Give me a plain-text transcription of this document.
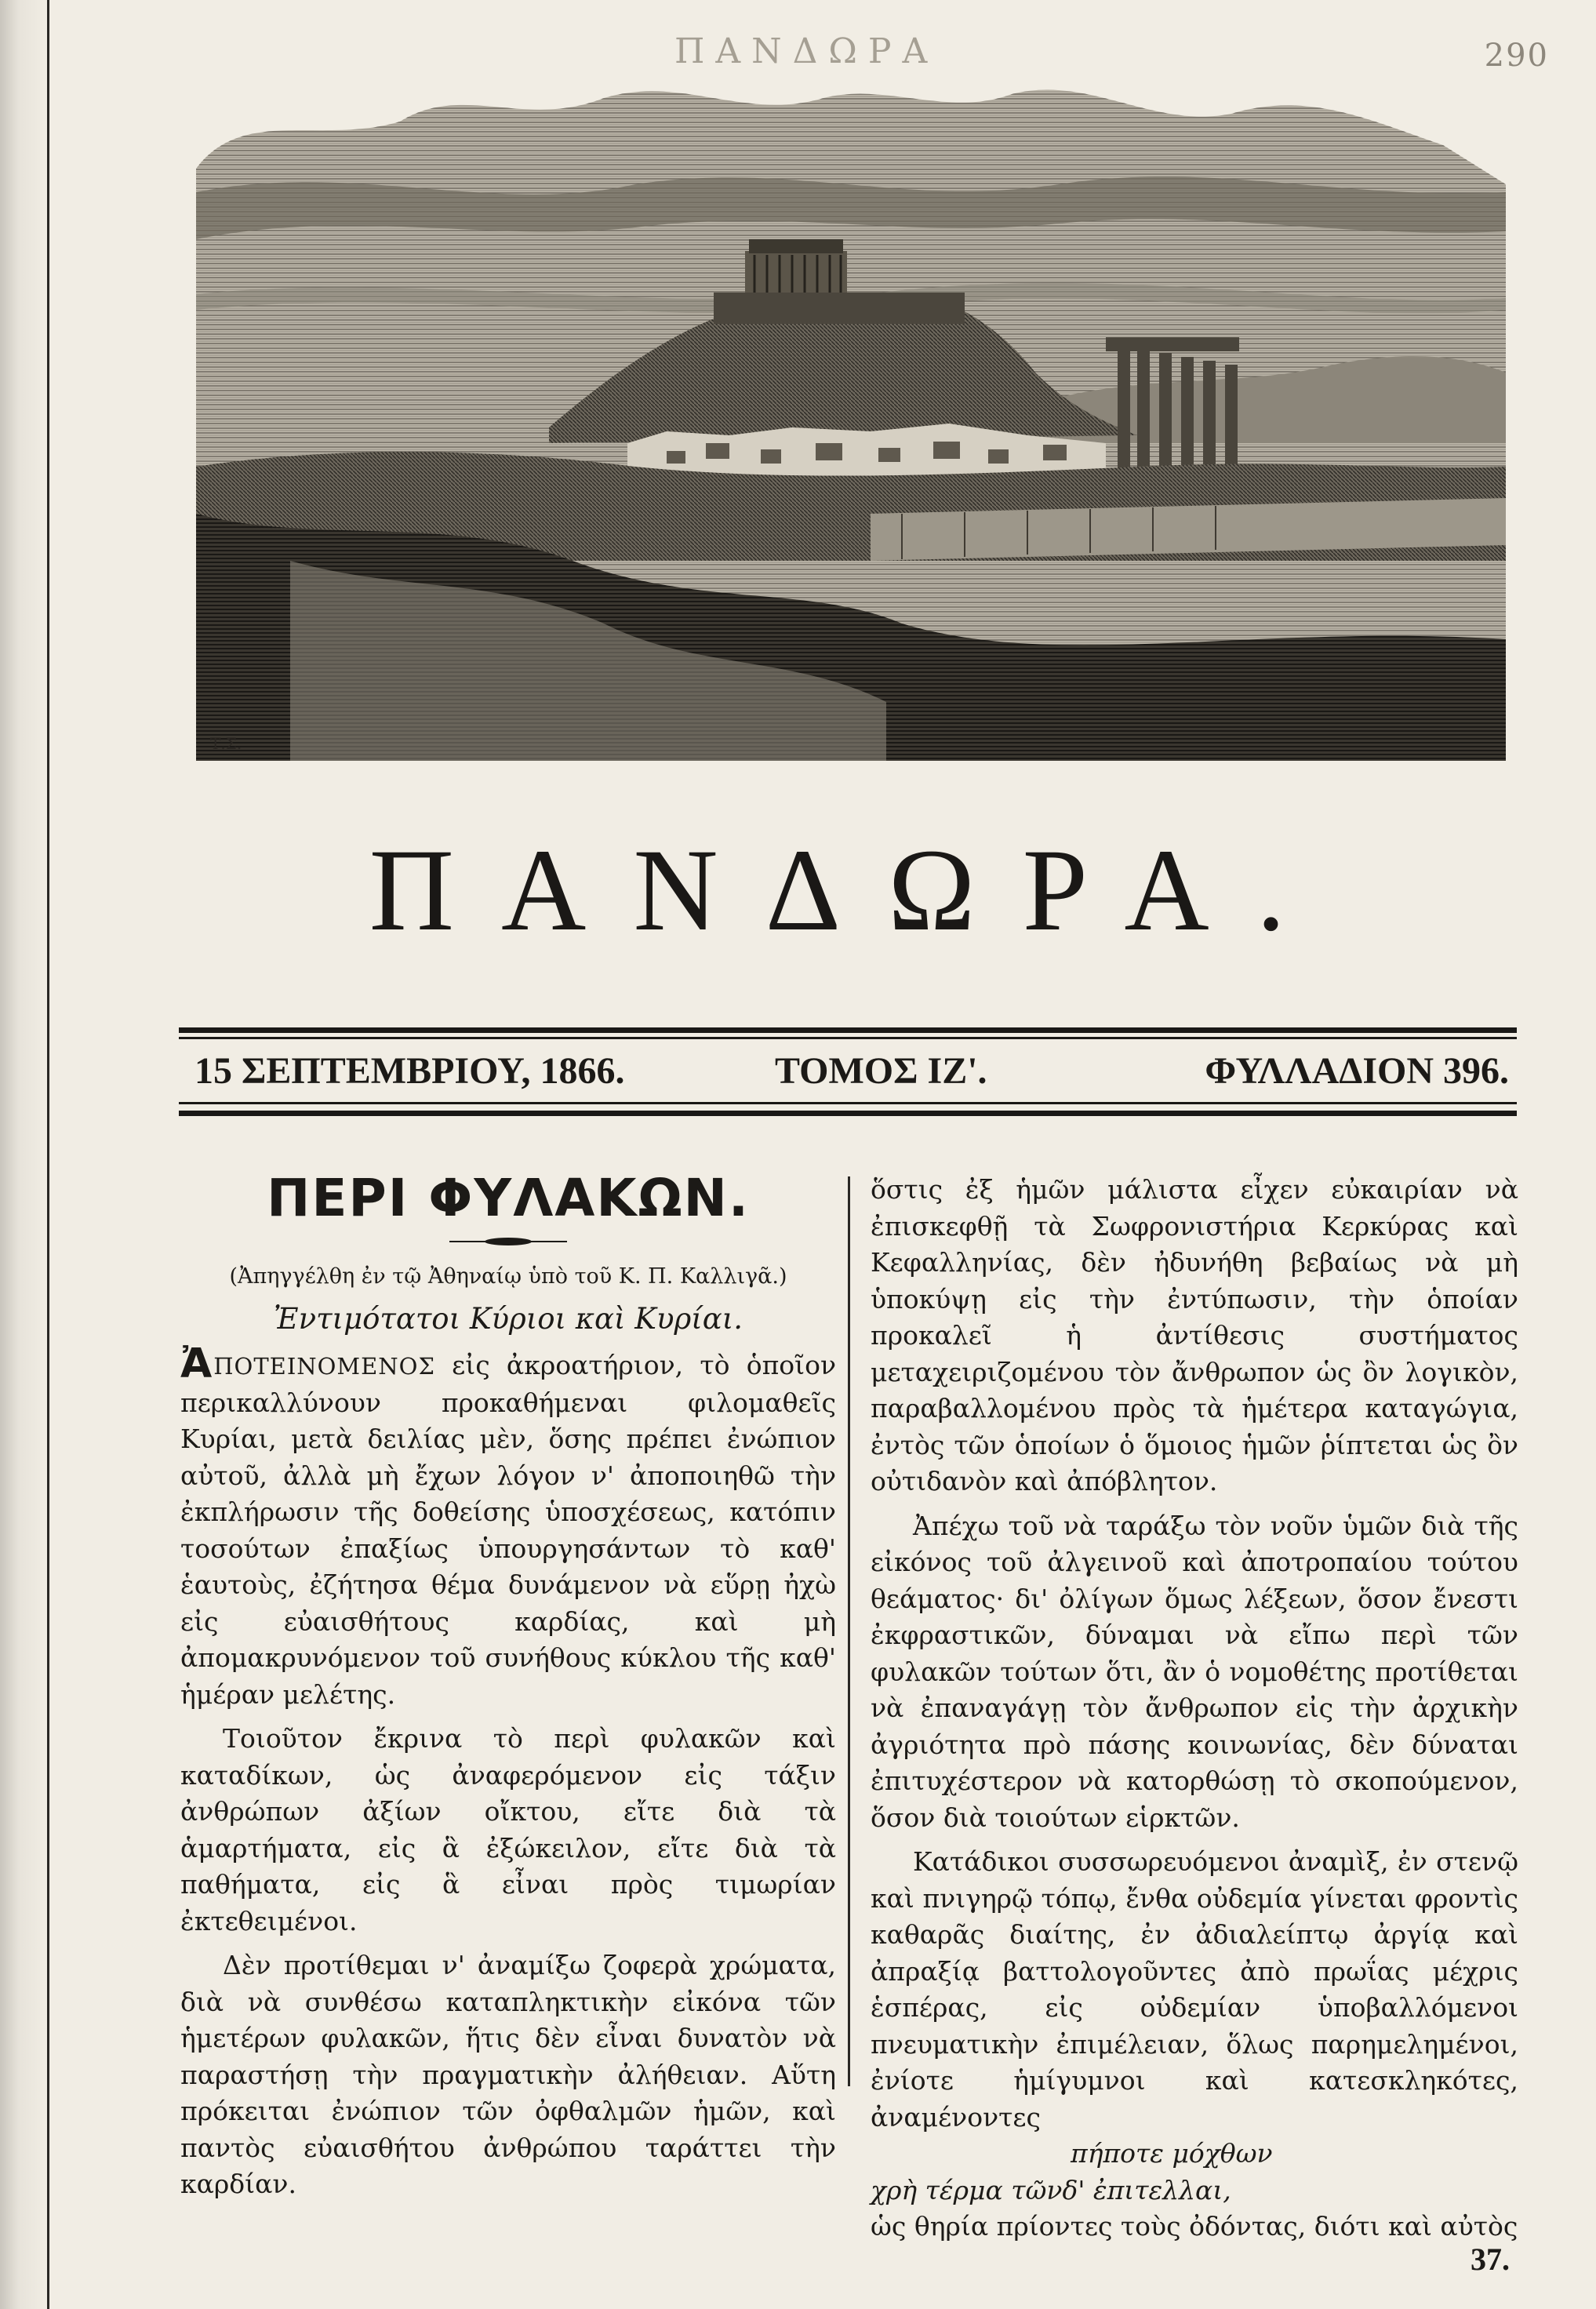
ΠΑΝΔΩΡΑ	290
Τ.Σ.
ΠΑΝΔΩΡΑ.
15 ΣΕΠΤΕΜΒΡΙΟΥ, 1866.	ΤΟΜΟΣ ΙΖ'.	ΦΥΛΛΑΔΙΟΝ 396.
ΠΕΡΙ ΦΥΛΑΚΩΝ.
(Ἀπηγγέλθη ἐν τῷ Ἀθηναίῳ ὑπὸ τοῦ Κ. Π. Καλλιγᾶ.)
Ἐντιμότατοι Κύριοι καὶ Κυρίαι.

ἈΠΟΤΕΙΝΟΜΕΝΟΣ εἰς ἀκροατήριον, τὸ ὁποῖον περικαλλύνουν προκαθήμεναι φιλομαθεῖς Κυρίαι, μετὰ δειλίας μὲν, ὅσης πρέπει ἐνώπιον αὐτοῦ, ἀλλὰ μὴ ἔχων λόγον ν' ἀποποιηθῶ τὴν ἐκπλήρωσιν τῆς δοθείσης ὑποσχέσεως, κατόπιν τοσούτων ἐπαξίως ὑπουργησάντων τὸ καθ' ἑαυτοὺς, ἐζήτησα θέμα δυνάμενον νὰ εὕρῃ ἠχὼ εἰς εὐαισθήτους καρδίας, καὶ μὴ ἀπομακρυνόμενον τοῦ συνήθους κύκλου τῆς καθ' ἡμέραν μελέτης.

Τοιοῦτον ἔκρινα τὸ περὶ φυλακῶν καὶ καταδίκων, ὡς ἀναφερόμενον εἰς τάξιν ἀνθρώπων ἀξίων οἴκτου, εἴτε διὰ τὰ ἁμαρτήματα, εἰς ἃ ἐξώκειλον, εἴτε διὰ τὰ παθήματα, εἰς ἃ εἶναι πρὸς τιμωρίαν ἐκτεθειμένοι.

Δὲν προτίθεμαι ν' ἀναμίξω ζοφερὰ χρώματα, διὰ νὰ συνθέσω καταπληκτικὴν εἰκόνα τῶν ἡμετέρων φυλακῶν, ἥτις δὲν εἶναι δυνατὸν νὰ παραστήσῃ τὴν πραγματικὴν ἀλήθειαν. Αὕτη πρόκειται ἐνώπιον τῶν ὀφθαλμῶν ἡμῶν, καὶ παντὸς εὐαισθήτου ἀνθρώπου ταράττει τὴν καρδίαν.

ὅστις ἐξ ἡμῶν μάλιστα εἶχεν εὐκαιρίαν νὰ ἐπισκεφθῇ τὰ Σωφρονιστήρια Κερκύρας καὶ Κεφαλληνίας, δὲν ἠδυνήθη βεβαίως νὰ μὴ ὑποκύψῃ εἰς τὴν ἐντύπωσιν, τὴν ὁποίαν προκαλεῖ ἡ ἀντίθεσις συστήματος μεταχειριζομένου τὸν ἄνθρωπον ὡς ὂν λογικὸν, παραβαλλομένου πρὸς τὰ ἡμέτερα καταγώγια, ἐντὸς τῶν ὁποίων ὁ ὅμοιος ἡμῶν ῥίπτεται ὡς ὂν οὐτιδανὸν καὶ ἀπόβλητον.

Ἀπέχω τοῦ νὰ ταράξω τὸν νοῦν ὑμῶν διὰ τῆς εἰκόνος τοῦ ἀλγεινοῦ καὶ ἀποτροπαίου τούτου θεάματος· δι' ὀλίγων ὅμως λέξεων, ὅσον ἔνεστι ἐκφραστικῶν, δύναμαι νὰ εἴπω περὶ τῶν φυλακῶν τούτων ὅτι, ἂν ὁ νομοθέτης προτίθεται νὰ ἐπαναγάγῃ τὸν ἄνθρωπον εἰς τὴν ἀρχικὴν ἀγριότητα πρὸ πάσης κοινωνίας, δὲν δύναται ἐπιτυχέστερον νὰ κατορθώσῃ τὸ σκοπούμενον, ὅσον διὰ τοιούτων εἱρκτῶν.

Κατάδικοι συσσωρευόμενοι ἀναμὶξ, ἐν στενῷ καὶ πνιγηρῷ τόπῳ, ἔνθα οὐδεμία γίνεται φροντὶς καθαρᾶς διαίτης, ἐν ἀδιαλείπτῳ ἀργίᾳ καὶ ἀπραξίᾳ βαττολογοῦντες ἀπὸ πρωΐας μέχρις ἑσπέρας, εἰς οὐδεμίαν ὑποβαλλόμενοι πνευματικὴν ἐπιμέλειαν, ὅλως παρημελημένοι, ἐνίοτε ἡμίγυμνοι καὶ κατεσκληκότες, ἀναμένοντες

πήποτε μόχθων

χρὴ τέρμα τῶνδ' ἐπιτελλαι,

ὡς θηρία πρίοντες τοὺς ὀδόντας, διότι καὶ αὐτὸς

37.
